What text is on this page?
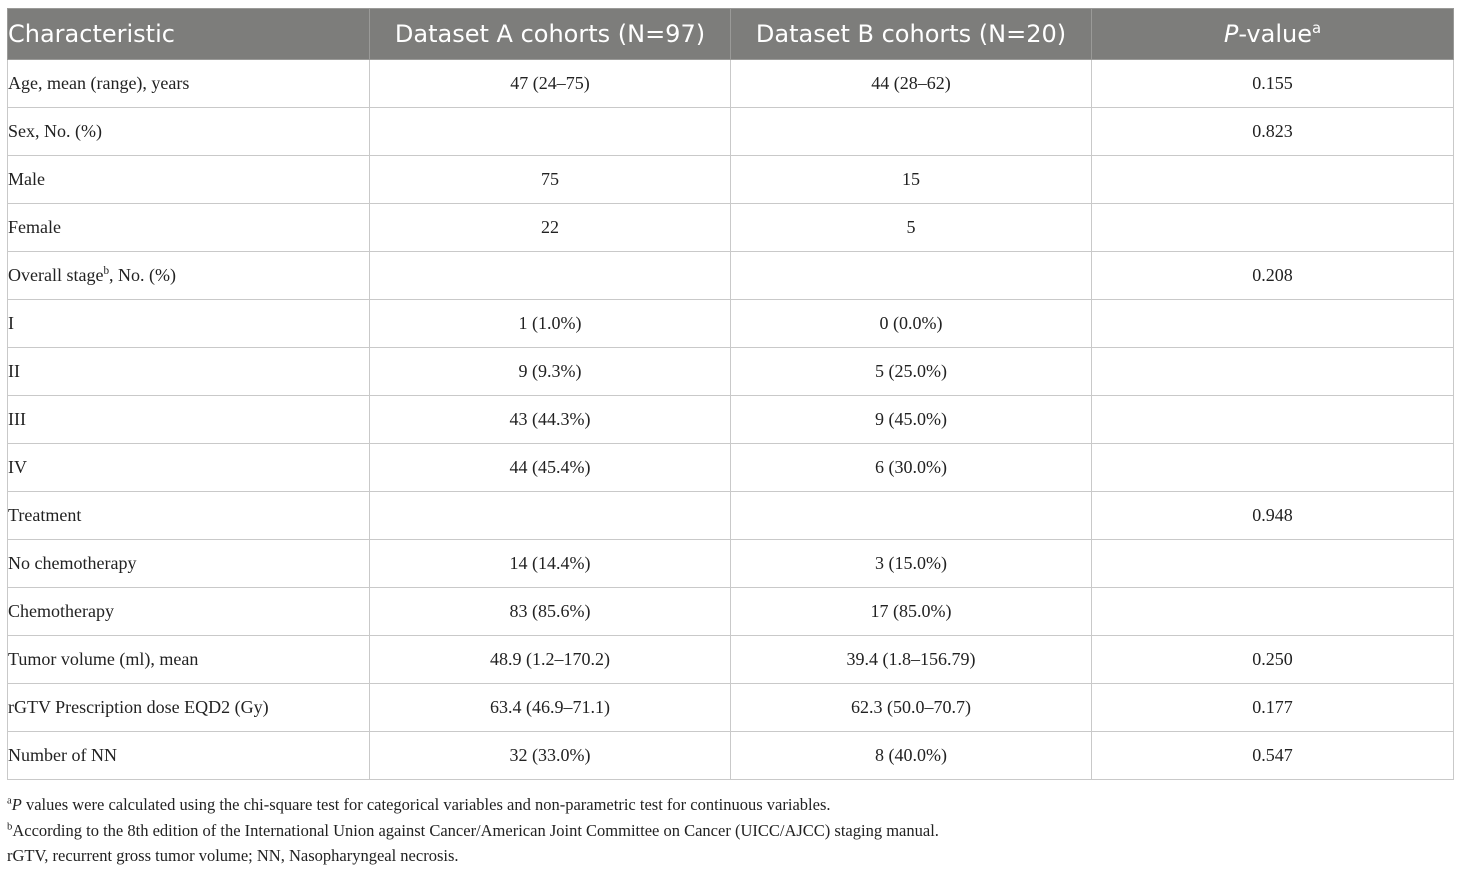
Characteristic	Dataset A cohorts (N=97)	Dataset B cohorts (N=20)	P-value$^a$
Age, mean (range), years	47 (24–75)	44 (28–62)	0.155
Sex, No. (%)			0.823
Male	75	15	
Female	22	5	
Overall stage$^b$, No. (%)			0.208
I	1 (1.0%)	0 (0.0%)	
II	9 (9.3%)	5 (25.0%)	
III	43 (44.3%)	9 (45.0%)	
IV	44 (45.4%)	6 (30.0%)	
Treatment			0.948
No chemotherapy	14 (14.4%)	3 (15.0%)	
Chemotherapy	83 (85.6%)	17 (85.0%)	
Tumor volume (ml), mean	48.9 (1.2–170.2)	39.4 (1.8–156.79)	0.250
rGTV Prescription dose EQD2 (Gy)	63.4 (46.9–71.1)	62.3 (50.0–70.7)	0.177
Number of NN	32 (33.0%)	8 (40.0%)	0.547
$^a$P values were calculated using the chi-square test for categorical variables and non-parametric test for continuous variables.
$^b$According to the 8th edition of the International Union against Cancer/American Joint Committee on Cancer (UICC/AJCC) staging manual.
rGTV, recurrent gross tumor volume; NN, Nasopharyngeal necrosis.
